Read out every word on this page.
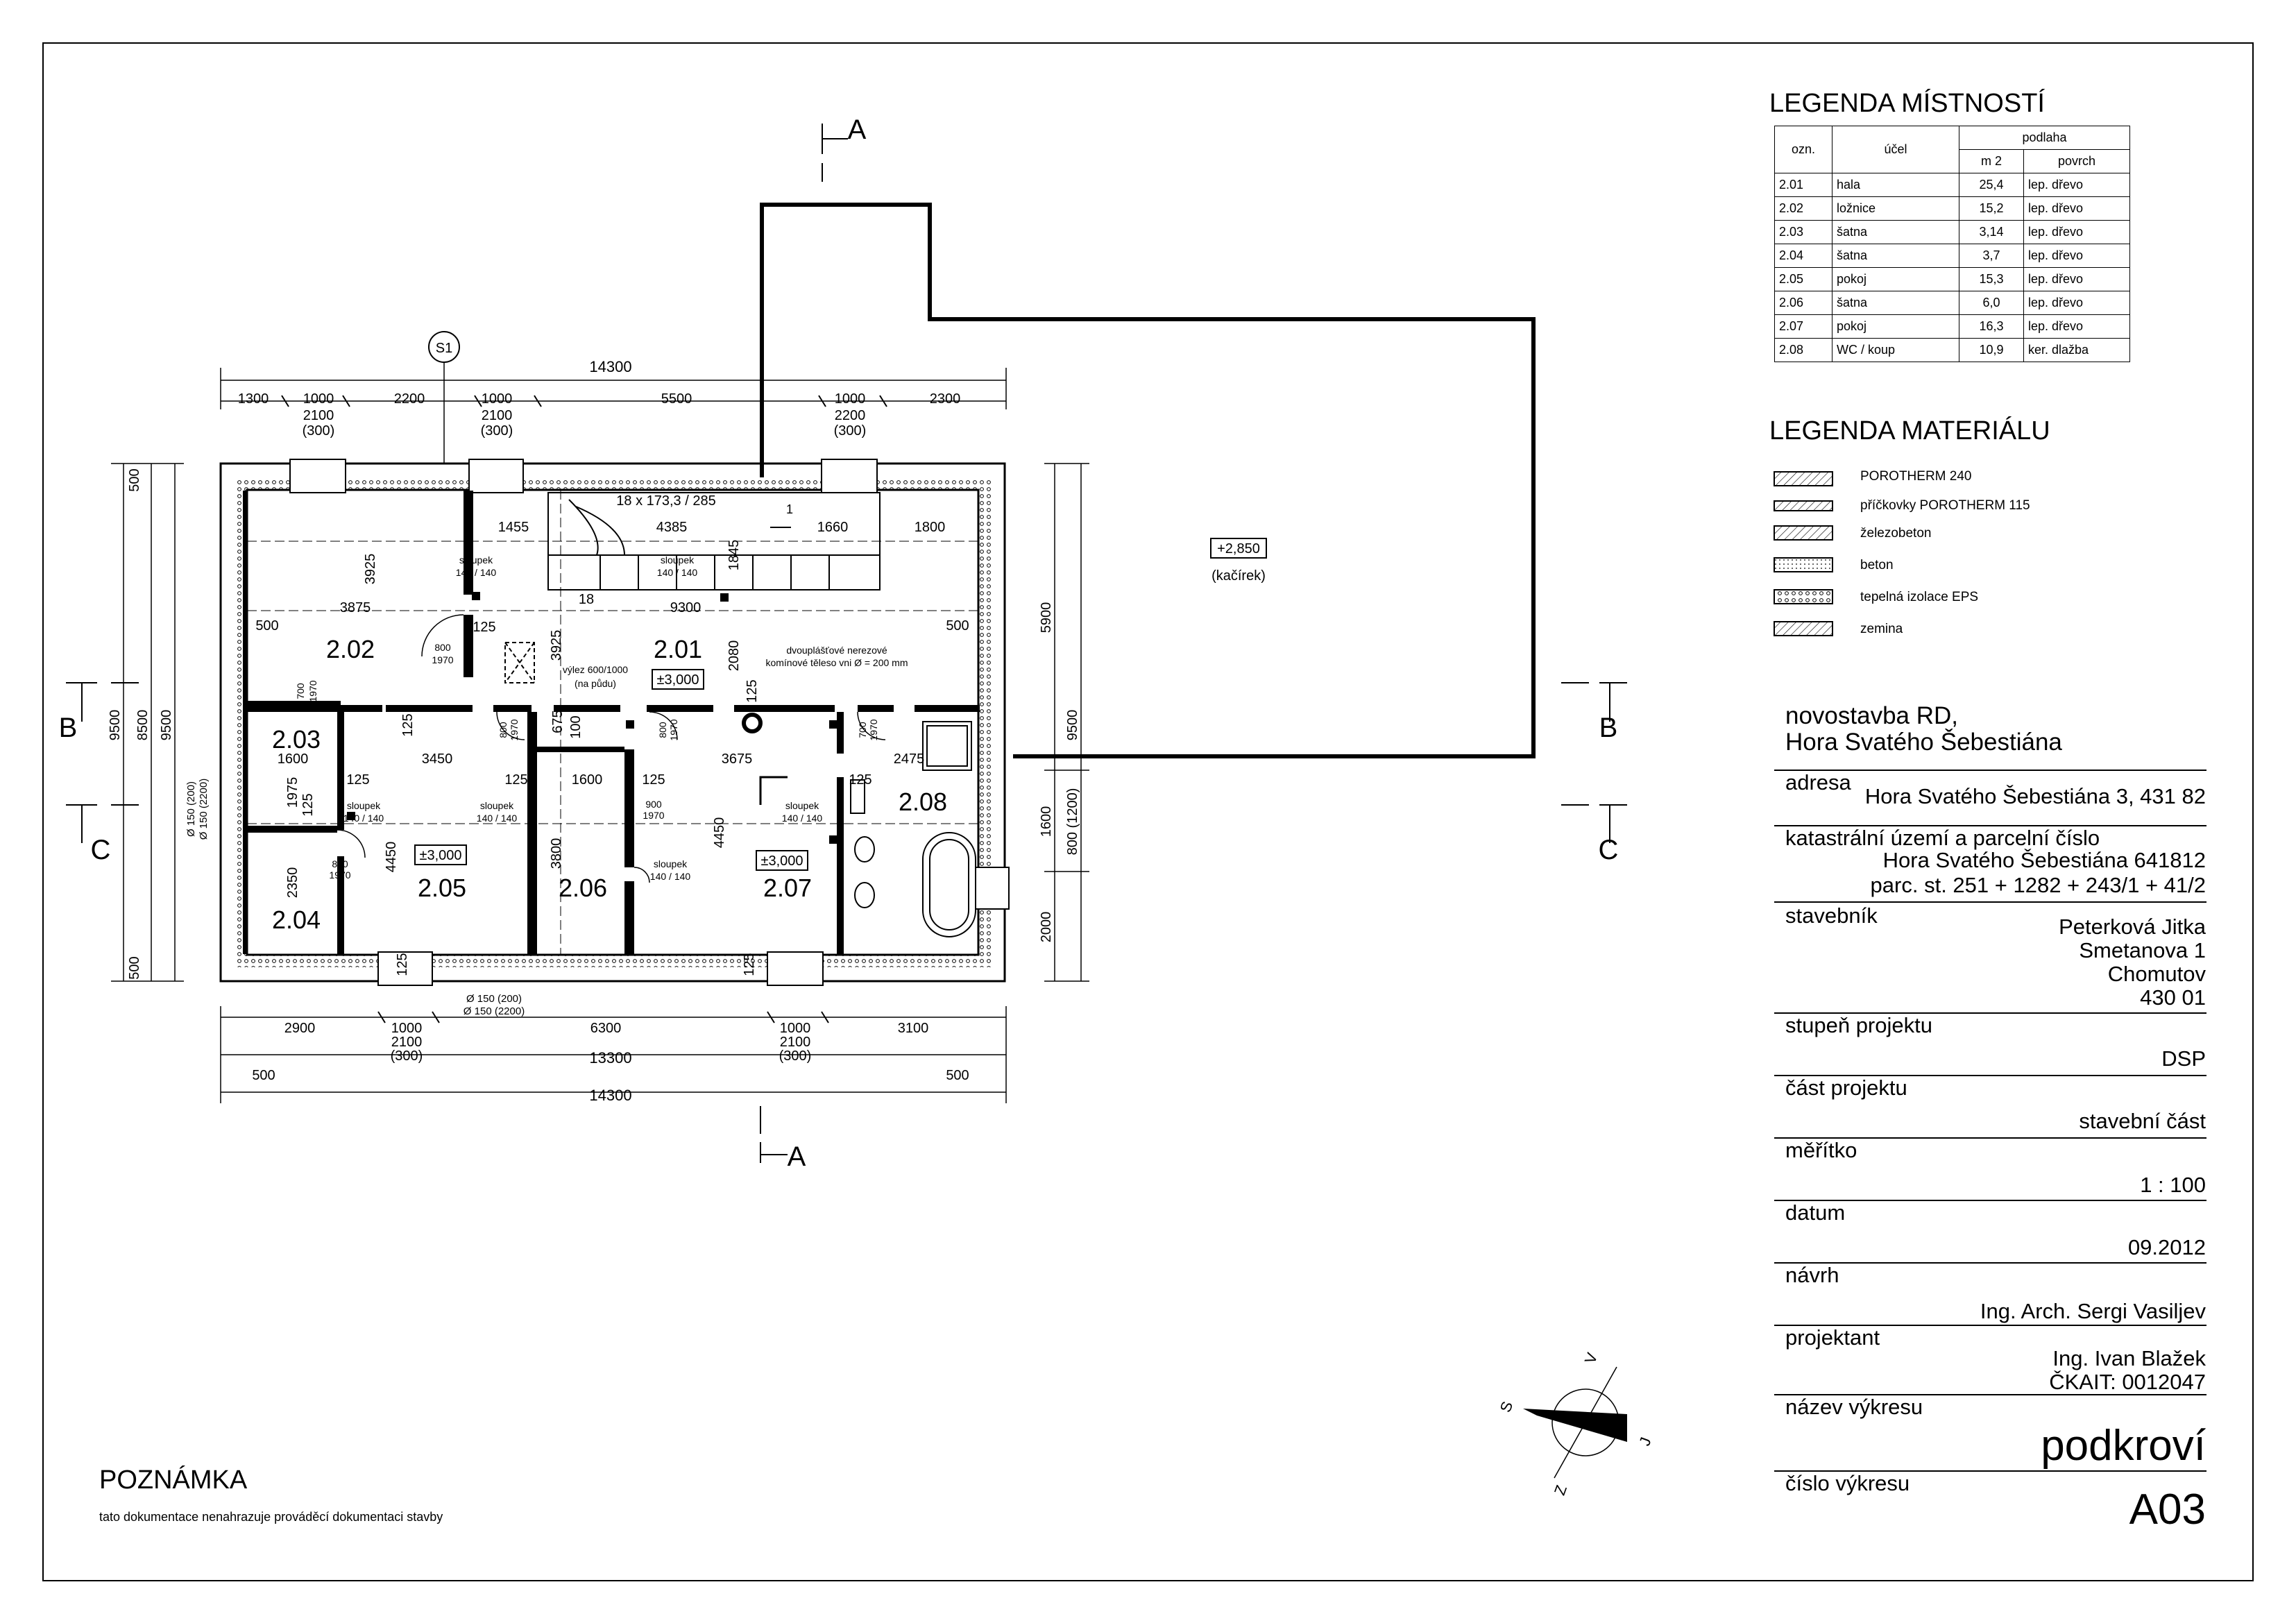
A
A
B
C
B
C
S1
14300
1300 1000	2200	1000	5500	1000	2300
2100
(300)
2100
(300)
2200
(300)
2900	1000	6300	1000	3100
2100
(300)
2100
(300)
13300
500	500
14300
500
9500 8500 9500
500
Ø 150 (200) Ø 150 (2200)
5900
9500
1600 800 (1200)
2000
Ø 150 (200)
Ø 150 (2200)
2.01
2.02
2.03
2.04
2.05	2.06	2.07
2.08
±3,000
±3,000	±3,000
+2,850
(kačírek)
18 x 173,3 / 285
1
1455	4385	1660	1800
3875	9300
18
500	500
125
1600	3450	3675	2475
125	125	1600	125	125
3925
3925
1845
2080
125
125
1975
125
4450
4450
3800
2350
675 100
125	125
sloupek
140 / 140
sloupek
140 / 140
sloupek
140 / 140
sloupek
140 / 140
sloupek
140 / 140
sloupek
140 / 140
výlez 600/1000
(na půdu)
dvouplášťové nerezové
komínové těleso vni Ø = 200 mm
800
1970
800
1970
900
1970
700 1970
800 1970	800 1970	700 1970
S
V
J
Z
LEGENDA MÍSTNOSTÍ
ozn.	účel	podlaha	
		m 2	povrch
2.01	hala	25,4	lep. dřevo
2.02	ložnice	15,2	lep. dřevo
2.03	šatna	3,14	lep. dřevo
2.04	šatna	3,7	lep. dřevo
2.05	pokoj	15,3	lep. dřevo
2.06	šatna	6,0	lep. dřevo
2.07	pokoj	16,3	lep. dřevo
2.08	WC / koup	10,9	ker. dlažba
LEGENDA MATERIÁLU
POROTHERM 240
příčkovky POROTHERM 115
železobeton
beton
tepelná izolace EPS
zemina
novostavba RD,
Hora Svatého Šebestiána
adresa
Hora Svatého Šebestiána 3, 431 82
katastrální území a parcelní číslo
Hora Svatého Šebestiána 641812
parc. st. 251 + 1282 + 243/1 + 41/2
stavebník	Peterková Jitka
Smetanova 1
Chomutov
430 01
stupeň projektu
DSP
část projektu
stavební část
měřítko
1 : 100
datum
09.2012
návrh
Ing. Arch. Sergi Vasiljev
projektant
Ing. Ivan Blažek
ČKAIT: 0012047
název výkresu
podkroví
číslo výkresu
A03
POZNÁMKA
tato dokumentace nenahrazuje prováděcí dokumentaci stavby
